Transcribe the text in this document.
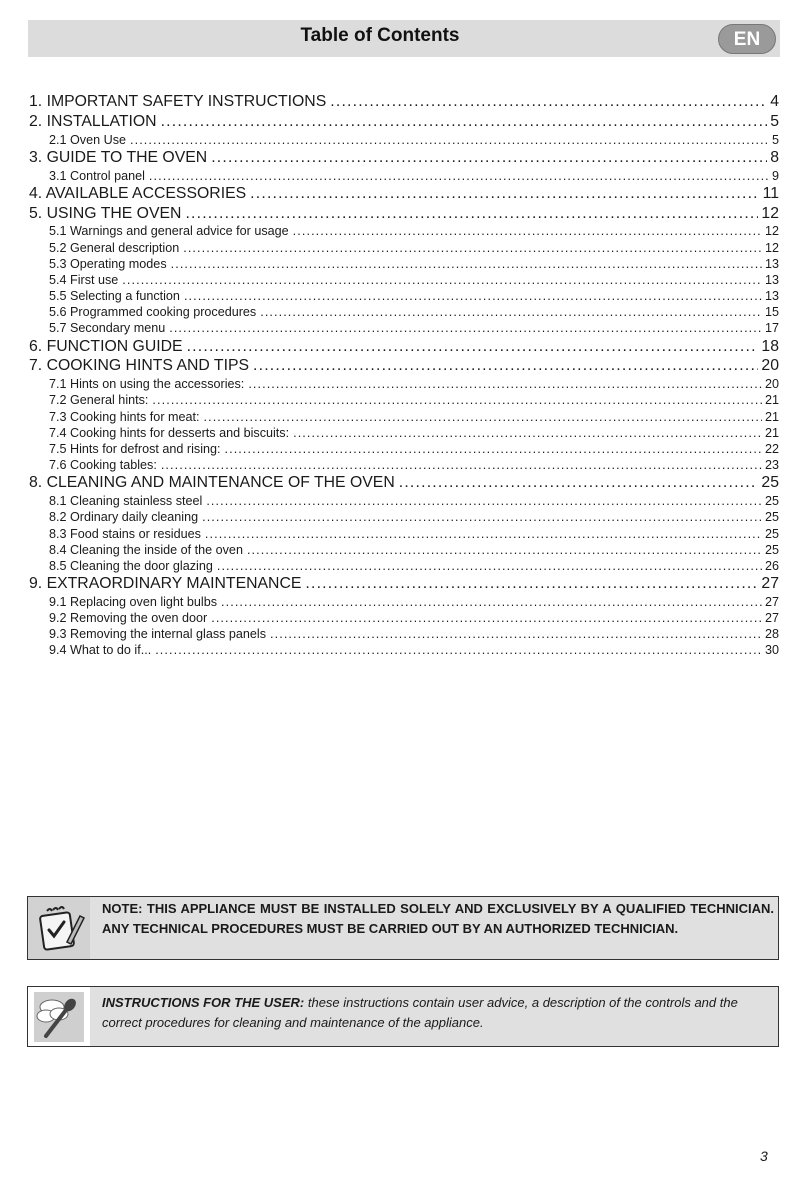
Table of Contents	EN
1. IMPORTANT SAFETY INSTRUCTIONS .....	4
2. INSTALLATION .....	5
2.1 Oven Use .....	5
3. GUIDE TO THE OVEN .....	8
3.1 Control panel .....	9
4. AVAILABLE ACCESSORIES .....	11
5. USING THE OVEN .....	12
5.1 Warnings and general advice for usage .....	12
5.2 General description .....	12
5.3 Operating modes .....	13
5.4 First use .....	13
5.5 Selecting a function .....	13
5.6 Programmed cooking procedures .....	15
5.7 Secondary menu .....	17
6. FUNCTION GUIDE .....	18
7. COOKING HINTS AND TIPS .....	20
7.1 Hints on using the accessories: .....	20
7.2 General hints: .....	21
7.3 Cooking hints for meat: .....	21
7.4 Cooking hints for desserts and biscuits: .....	21
7.5 Hints for defrost and rising: .....	22
7.6 Cooking tables: .....	23
8. CLEANING AND MAINTENANCE OF THE OVEN .....	25
8.1 Cleaning stainless steel .....	25
8.2 Ordinary daily cleaning .....	25
8.3 Food stains or residues .....	25
8.4 Cleaning the inside of the oven .....	25
8.5 Cleaning the door glazing .....	26
9. EXTRAORDINARY MAINTENANCE .....	27
9.1 Replacing oven light bulbs .....	27
9.2 Removing the oven door .....	27
9.3 Removing the internal glass panels .....	28
9.4 What to do if... .....	30
NOTE: THIS APPLIANCE MUST BE INSTALLED SOLELY AND EXCLUSIVELY BY A QUALIFIED TECHNICIAN. ANY TECHNICAL PROCEDURES MUST BE CARRIED OUT BY AN AUTHORIZED TECHNICIAN.
INSTRUCTIONS FOR THE USER: these instructions contain user advice, a description of the controls and the correct procedures for cleaning and maintenance of the appliance.
3
